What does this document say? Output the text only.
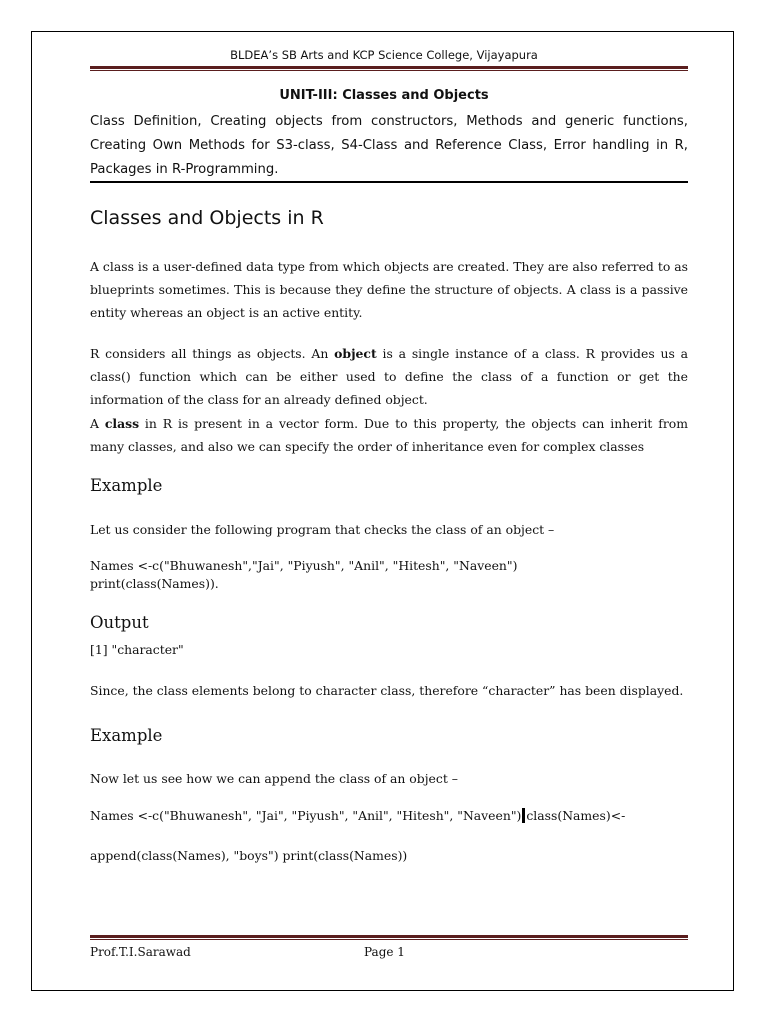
BLDEA’s SB Arts and KCP Science College, Vijayapura
UNIT-III: Classes and Objects
Class Definition, Creating objects from constructors, Methods and generic functions, Creating Own Methods for S3-class, S4-Class and Reference Class, Error handling in R, Packages in R-Programming.
Classes and Objects in R
A class is a user-defined data type from which objects are created. They are also referred to as blueprints sometimes. This is because they define the structure of objects. A class is a passive entity whereas an object is an active entity.
R considers all things as objects. An object is a single instance of a class. R provides us a class() function which can be either used to define the class of a function or get the information of the class for an already defined object.
A class in R is present in a vector form. Due to this property, the objects can inherit from many classes, and also we can specify the order of inheritance even for complex classes
Example
Let us consider the following program that checks the class of an object –
Names <-c("Bhuwanesh","Jai", "Piyush", "Anil", "Hitesh", "Naveen")
print(class(Names)).
Output
[1] "character"
Since, the class elements belong to character class, therefore “character” has been displayed.
Example
Now let us see how we can append the class of an object –
Names <-c("Bhuwanesh", "Jai", "Piyush", "Anil", "Hitesh", "Naveen") class(Names)<-
append(class(Names), "boys") print(class(Names))
Prof.T.I.Sarawad	Page 1
